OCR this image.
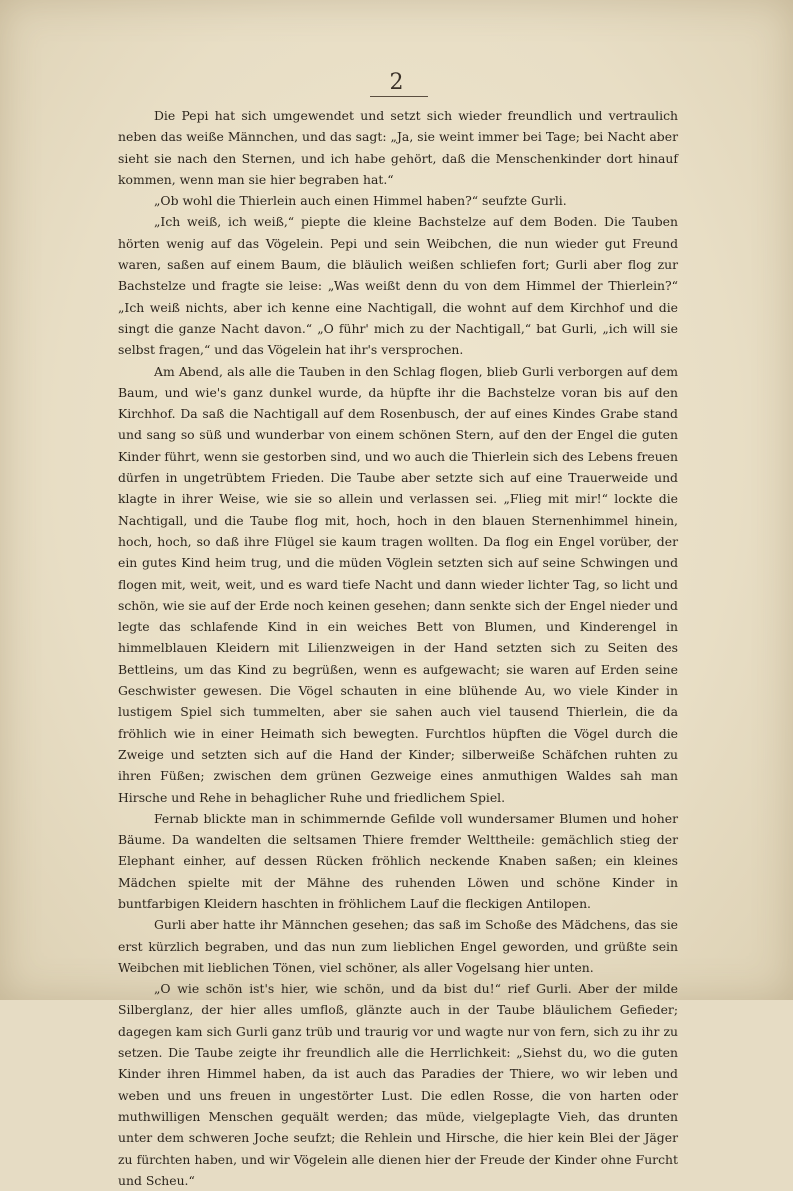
2

Die Pepi hat sich umgewendet und setzt sich wieder freundlich und vertraulich neben das weiße Männchen, und das sagt: „Ja, sie weint immer bei Tage; bei Nacht aber sieht sie nach den Sternen, und ich habe gehört, daß die Menschenkinder dort hinauf kommen, wenn man sie hier begraben hat.“

„Ob wohl die Thierlein auch einen Himmel haben?“ seufzte Gurli.

„Ich weiß, ich weiß,“ piepte die kleine Bachstelze auf dem Boden. Die Tauben hörten wenig auf das Vögelein. Pepi und sein Weibchen, die nun wieder gut Freund waren, saßen auf einem Baum, die bläulich weißen schliefen fort; Gurli aber flog zur Bachstelze und fragte sie leise: „Was weißt denn du von dem Himmel der Thierlein?“ „Ich weiß nichts, aber ich kenne eine Nachtigall, die wohnt auf dem Kirchhof und die singt die ganze Nacht davon.“ „O führ' mich zu der Nachtigall,“ bat Gurli, „ich will sie selbst fragen,“ und das Vögelein hat ihr's versprochen.

Am Abend, als alle die Tauben in den Schlag flogen, blieb Gurli verborgen auf dem Baum, und wie's ganz dunkel wurde, da hüpfte ihr die Bachstelze voran bis auf den Kirchhof. Da saß die Nachtigall auf dem Rosenbusch, der auf eines Kindes Grabe stand und sang so süß und wunderbar von einem schönen Stern, auf den der Engel die guten Kinder führt, wenn sie gestorben sind, und wo auch die Thierlein sich des Lebens freuen dürfen in ungetrübtem Frieden. Die Taube aber setzte sich auf eine Trauerweide und klagte in ihrer Weise, wie sie so allein und verlassen sei. „Flieg mit mir!“ lockte die Nachtigall, und die Taube flog mit, hoch, hoch in den blauen Sternenhimmel hinein, hoch, hoch, so daß ihre Flügel sie kaum tragen wollten. Da flog ein Engel vorüber, der ein gutes Kind heim trug, und die müden Vöglein setzten sich auf seine Schwingen und flogen mit, weit, weit, und es ward tiefe Nacht und dann wieder lichter Tag, so licht und schön, wie sie auf der Erde noch keinen gesehen; dann senkte sich der Engel nieder und legte das schlafende Kind in ein weiches Bett von Blumen, und Kinderengel in himmelblauen Kleidern mit Lilienzweigen in der Hand setzten sich zu Seiten des Bettleins, um das Kind zu begrüßen, wenn es aufgewacht; sie waren auf Erden seine Geschwister gewesen. Die Vögel schauten in eine blühende Au, wo viele Kinder in lustigem Spiel sich tummelten, aber sie sahen auch viel tausend Thierlein, die da fröhlich wie in einer Heimath sich bewegten. Furchtlos hüpften die Vögel durch die Zweige und setzten sich auf die Hand der Kinder; silberweiße Schäfchen ruhten zu ihren Füßen; zwischen dem grünen Gezweige eines anmuthigen Waldes sah man Hirsche und Rehe in behaglicher Ruhe und friedlichem Spiel.

Fernab blickte man in schimmernde Gefilde voll wundersamer Blumen und hoher Bäume. Da wandelten die seltsamen Thiere fremder Welttheile: gemächlich stieg der Elephant einher, auf dessen Rücken fröhlich neckende Knaben saßen; ein kleines Mädchen spielte mit der Mähne des ruhenden Löwen und schöne Kinder in buntfarbigen Kleidern haschten in fröhlichem Lauf die fleckigen Antilopen.

Gurli aber hatte ihr Männchen gesehen; das saß im Schoße des Mädchens, das sie erst kürzlich begraben, und das nun zum lieblichen Engel geworden, und grüßte sein Weibchen mit lieblichen Tönen, viel schöner, als aller Vogelsang hier unten.

„O wie schön ist's hier, wie schön, und da bist du!“ rief Gurli. Aber der milde Silberglanz, der hier alles umfloß, glänzte auch in der Taube bläulichem Gefieder; dagegen kam sich Gurli ganz trüb und traurig vor und wagte nur von fern, sich zu ihr zu setzen. Die Taube zeigte ihr freundlich alle die Herrlichkeit: „Siehst du, wo die guten Kinder ihren Himmel haben, da ist auch das Paradies der Thiere, wo wir leben und weben und uns freuen in ungestörter Lust. Die edlen Rosse, die von harten oder muthwilligen Menschen gequält werden; das müde, vielgeplagte Vieh, das drunten unter dem schweren Joche seufzt; die Rehlein und Hirsche, die hier kein Blei der Jäger zu fürchten haben, und wir Vögelein alle dienen hier der Freude der Kinder ohne Furcht und Scheu.“
